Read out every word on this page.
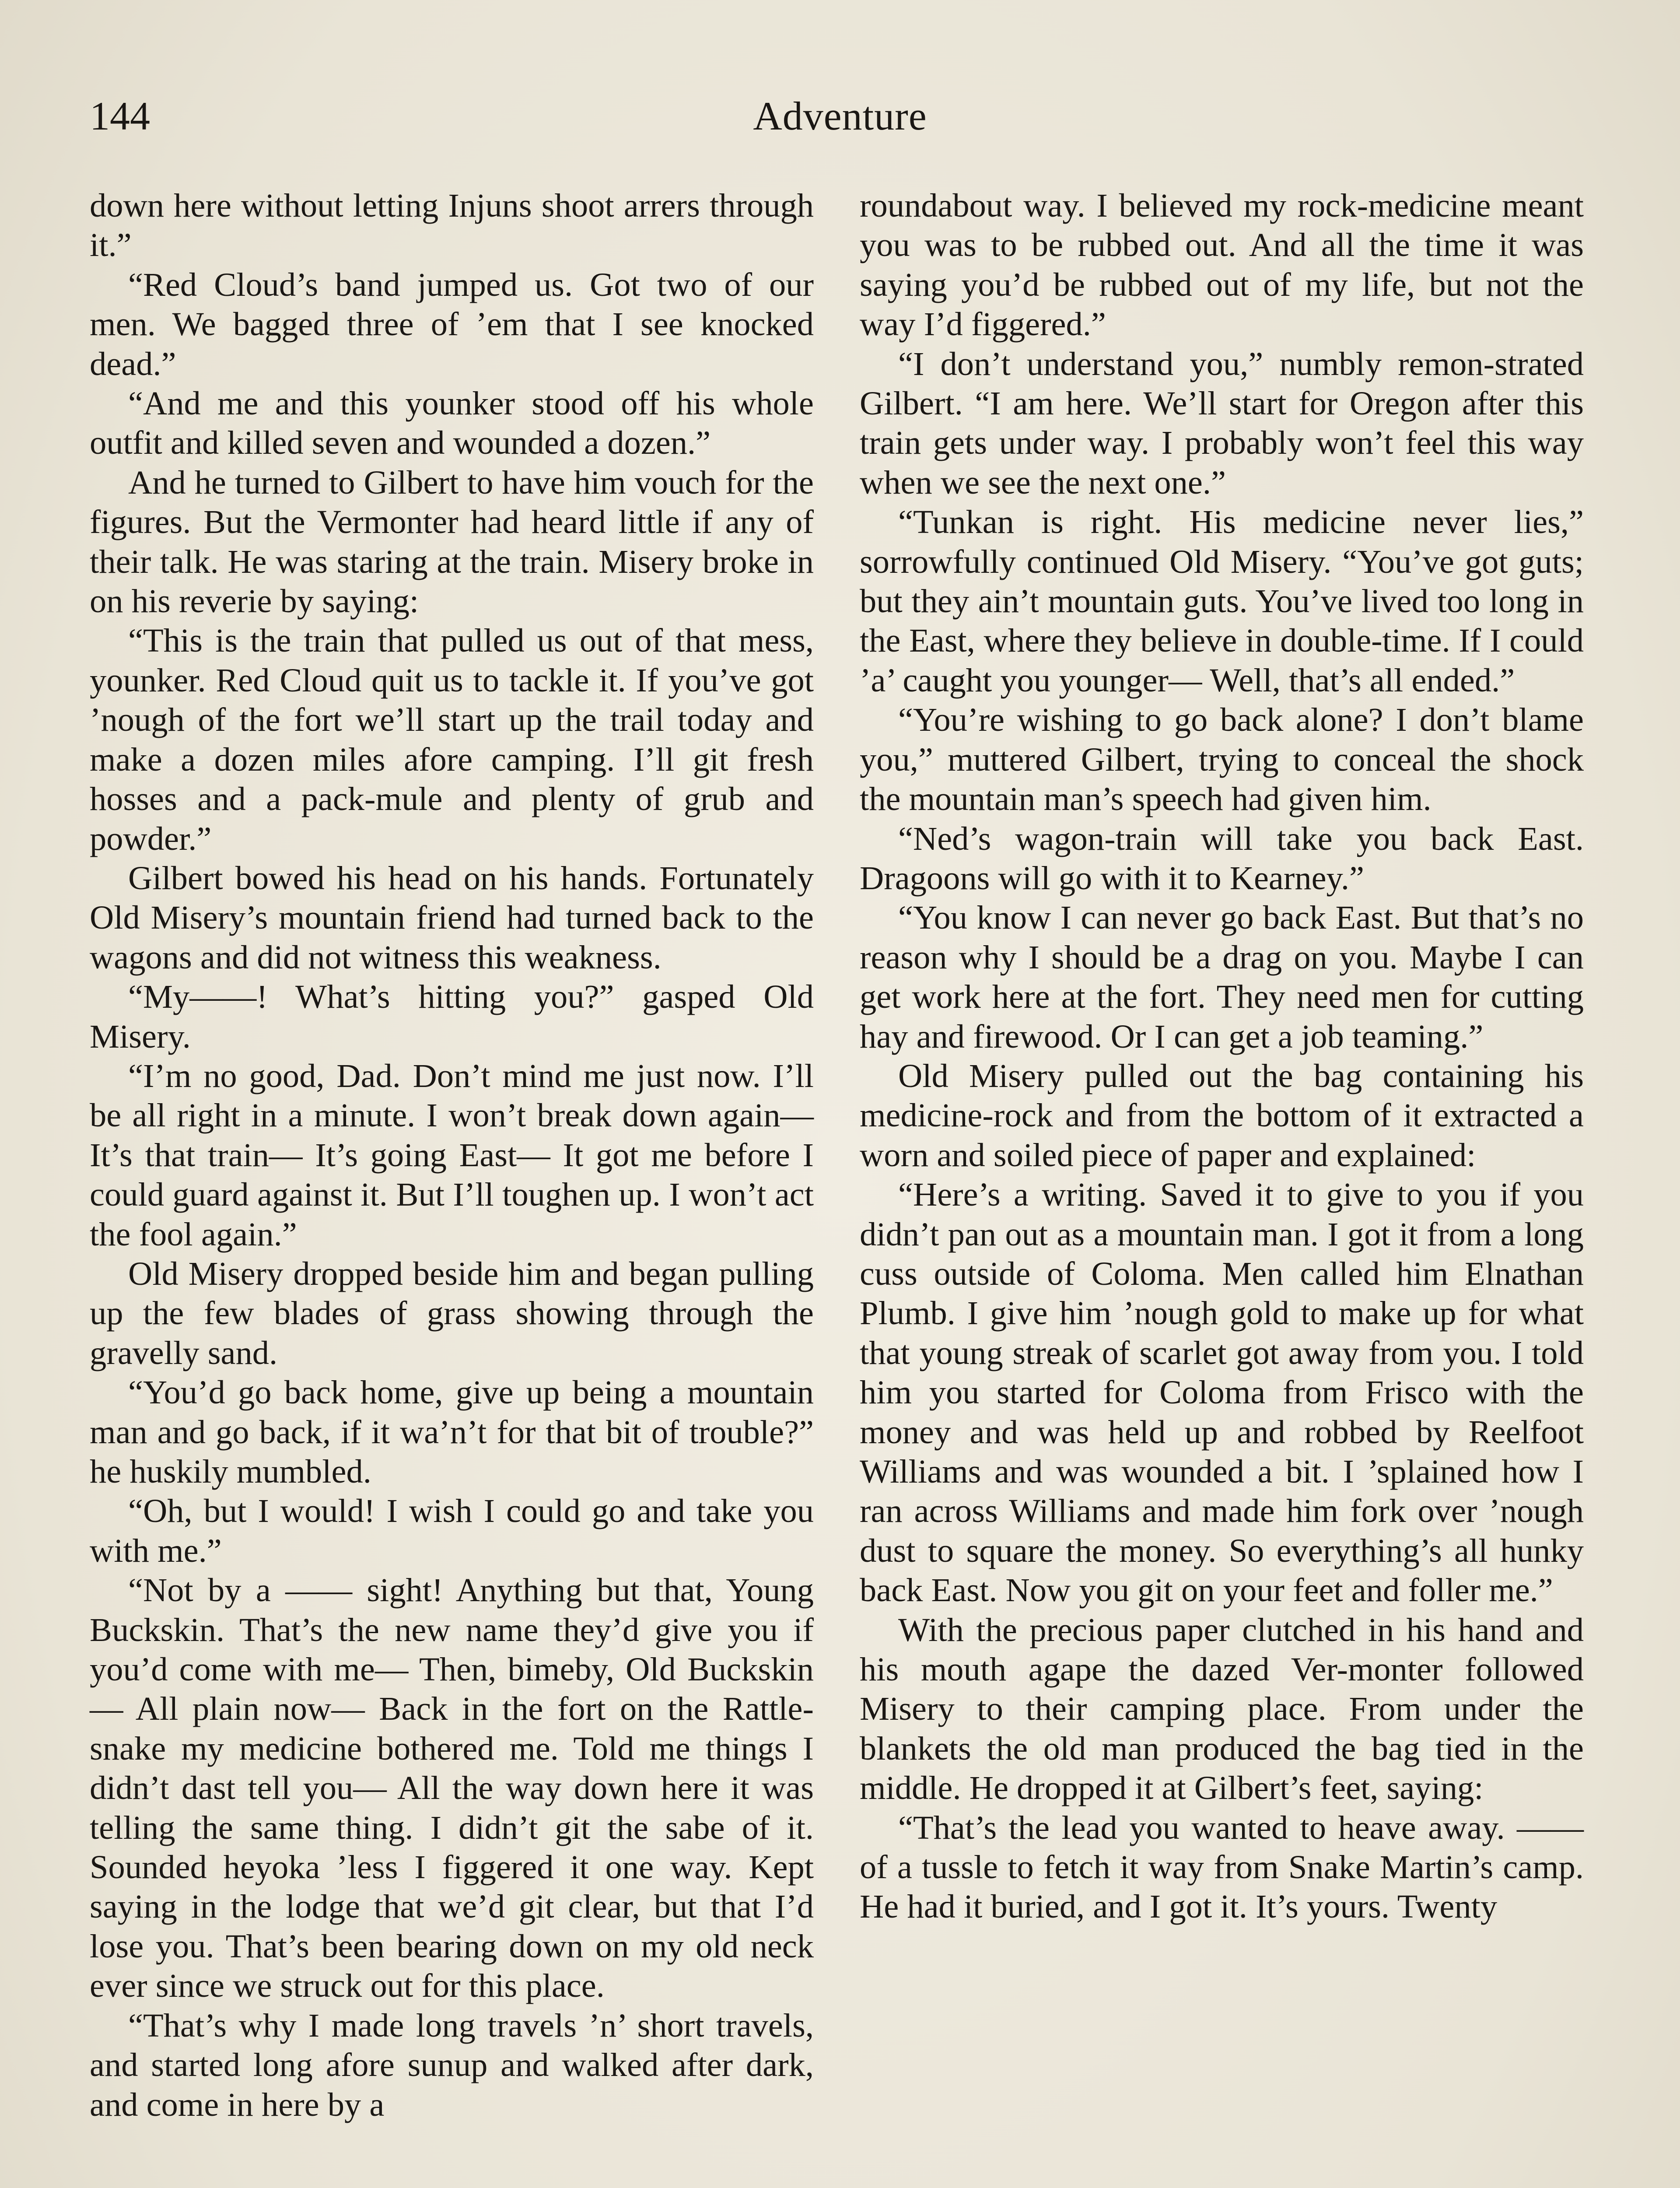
144	Adventure

down here without letting Injuns shoot arrers through it.”

“Red Cloud’s band jumped us. Got two of our men. We bagged three of ’em that I see knocked dead.”

“And me and this younker stood off his whole outfit and killed seven and wounded a dozen.”

And he turned to Gilbert to have him vouch for the figures. But the Vermonter had heard little if any of their talk. He was staring at the train. Misery broke in on his reverie by saying:

“This is the train that pulled us out of that mess, younker. Red Cloud quit us to tackle it. If you’ve got ’nough of the fort we’ll start up the trail today and make a dozen miles afore camping. I’ll git fresh hosses and a pack-mule and plenty of grub and powder.”

Gilbert bowed his head on his hands. Fortunately Old Misery’s mountain friend had turned back to the wagons and did not witness this weakness.

“My——! What’s hitting you?” gasped Old Misery.

“I’m no good, Dad. Don’t mind me just now. I’ll be all right in a minute. I won’t break down again— It’s that train— It’s going East— It got me before I could guard against it. But I’ll toughen up. I won’t act the fool again.”

Old Misery dropped beside him and began pulling up the few blades of grass showing through the gravelly sand.

“You’d go back home, give up being a mountain man and go back, if it wa’n’t for that bit of trouble?” he huskily mumbled.

“Oh, but I would! I wish I could go and take you with me.”

“Not by a —— sight! Anything but that, Young Buckskin. That’s the new name they’d give you if you’d come with me— Then, bimeby, Old Buckskin— All plain now— Back in the fort on the Rattle-snake my medicine bothered me. Told me things I didn’t dast tell you— All the way down here it was telling the same thing. I didn’t git the sabe of it. Sounded heyoka ’less I figgered it one way. Kept saying in the lodge that we’d git clear, but that I’d lose you. That’s been bearing down on my old neck ever since we struck out for this place.

“That’s why I made long travels ’n’ short travels, and started long afore sunup and walked after dark, and come in here by a

roundabout way. I believed my rock-medicine meant you was to be rubbed out. And all the time it was saying you’d be rubbed out of my life, but not the way I’d figgered.”

“I don’t understand you,” numbly remon-strated Gilbert. “I am here. We’ll start for Oregon after this train gets under way. I probably won’t feel this way when we see the next one.”

“Tunkan is right. His medicine never lies,” sorrowfully continued Old Misery. “You’ve got guts; but they ain’t mountain guts. You’ve lived too long in the East, where they believe in double-time. If I could ’a’ caught you younger— Well, that’s all ended.”

“You’re wishing to go back alone? I don’t blame you,” muttered Gilbert, trying to conceal the shock the mountain man’s speech had given him.

“Ned’s wagon-train will take you back East. Dragoons will go with it to Kearney.”

“You know I can never go back East. But that’s no reason why I should be a drag on you. Maybe I can get work here at the fort. They need men for cutting hay and firewood. Or I can get a job teaming.”

Old Misery pulled out the bag containing his medicine-rock and from the bottom of it extracted a worn and soiled piece of paper and explained:

“Here’s a writing. Saved it to give to you if you didn’t pan out as a mountain man. I got it from a long cuss outside of Coloma. Men called him Elnathan Plumb. I give him ’nough gold to make up for what that young streak of scarlet got away from you. I told him you started for Coloma from Frisco with the money and was held up and robbed by Reelfoot Williams and was wounded a bit. I ’splained how I ran across Williams and made him fork over ’nough dust to square the money. So everything’s all hunky back East. Now you git on your feet and foller me.”

With the precious paper clutched in his hand and his mouth agape the dazed Ver-monter followed Misery to their camping place. From under the blankets the old man produced the bag tied in the middle. He dropped it at Gilbert’s feet, saying:

“That’s the lead you wanted to heave away. —— of a tussle to fetch it way from Snake Martin’s camp. He had it buried, and I got it. It’s yours. Twenty
